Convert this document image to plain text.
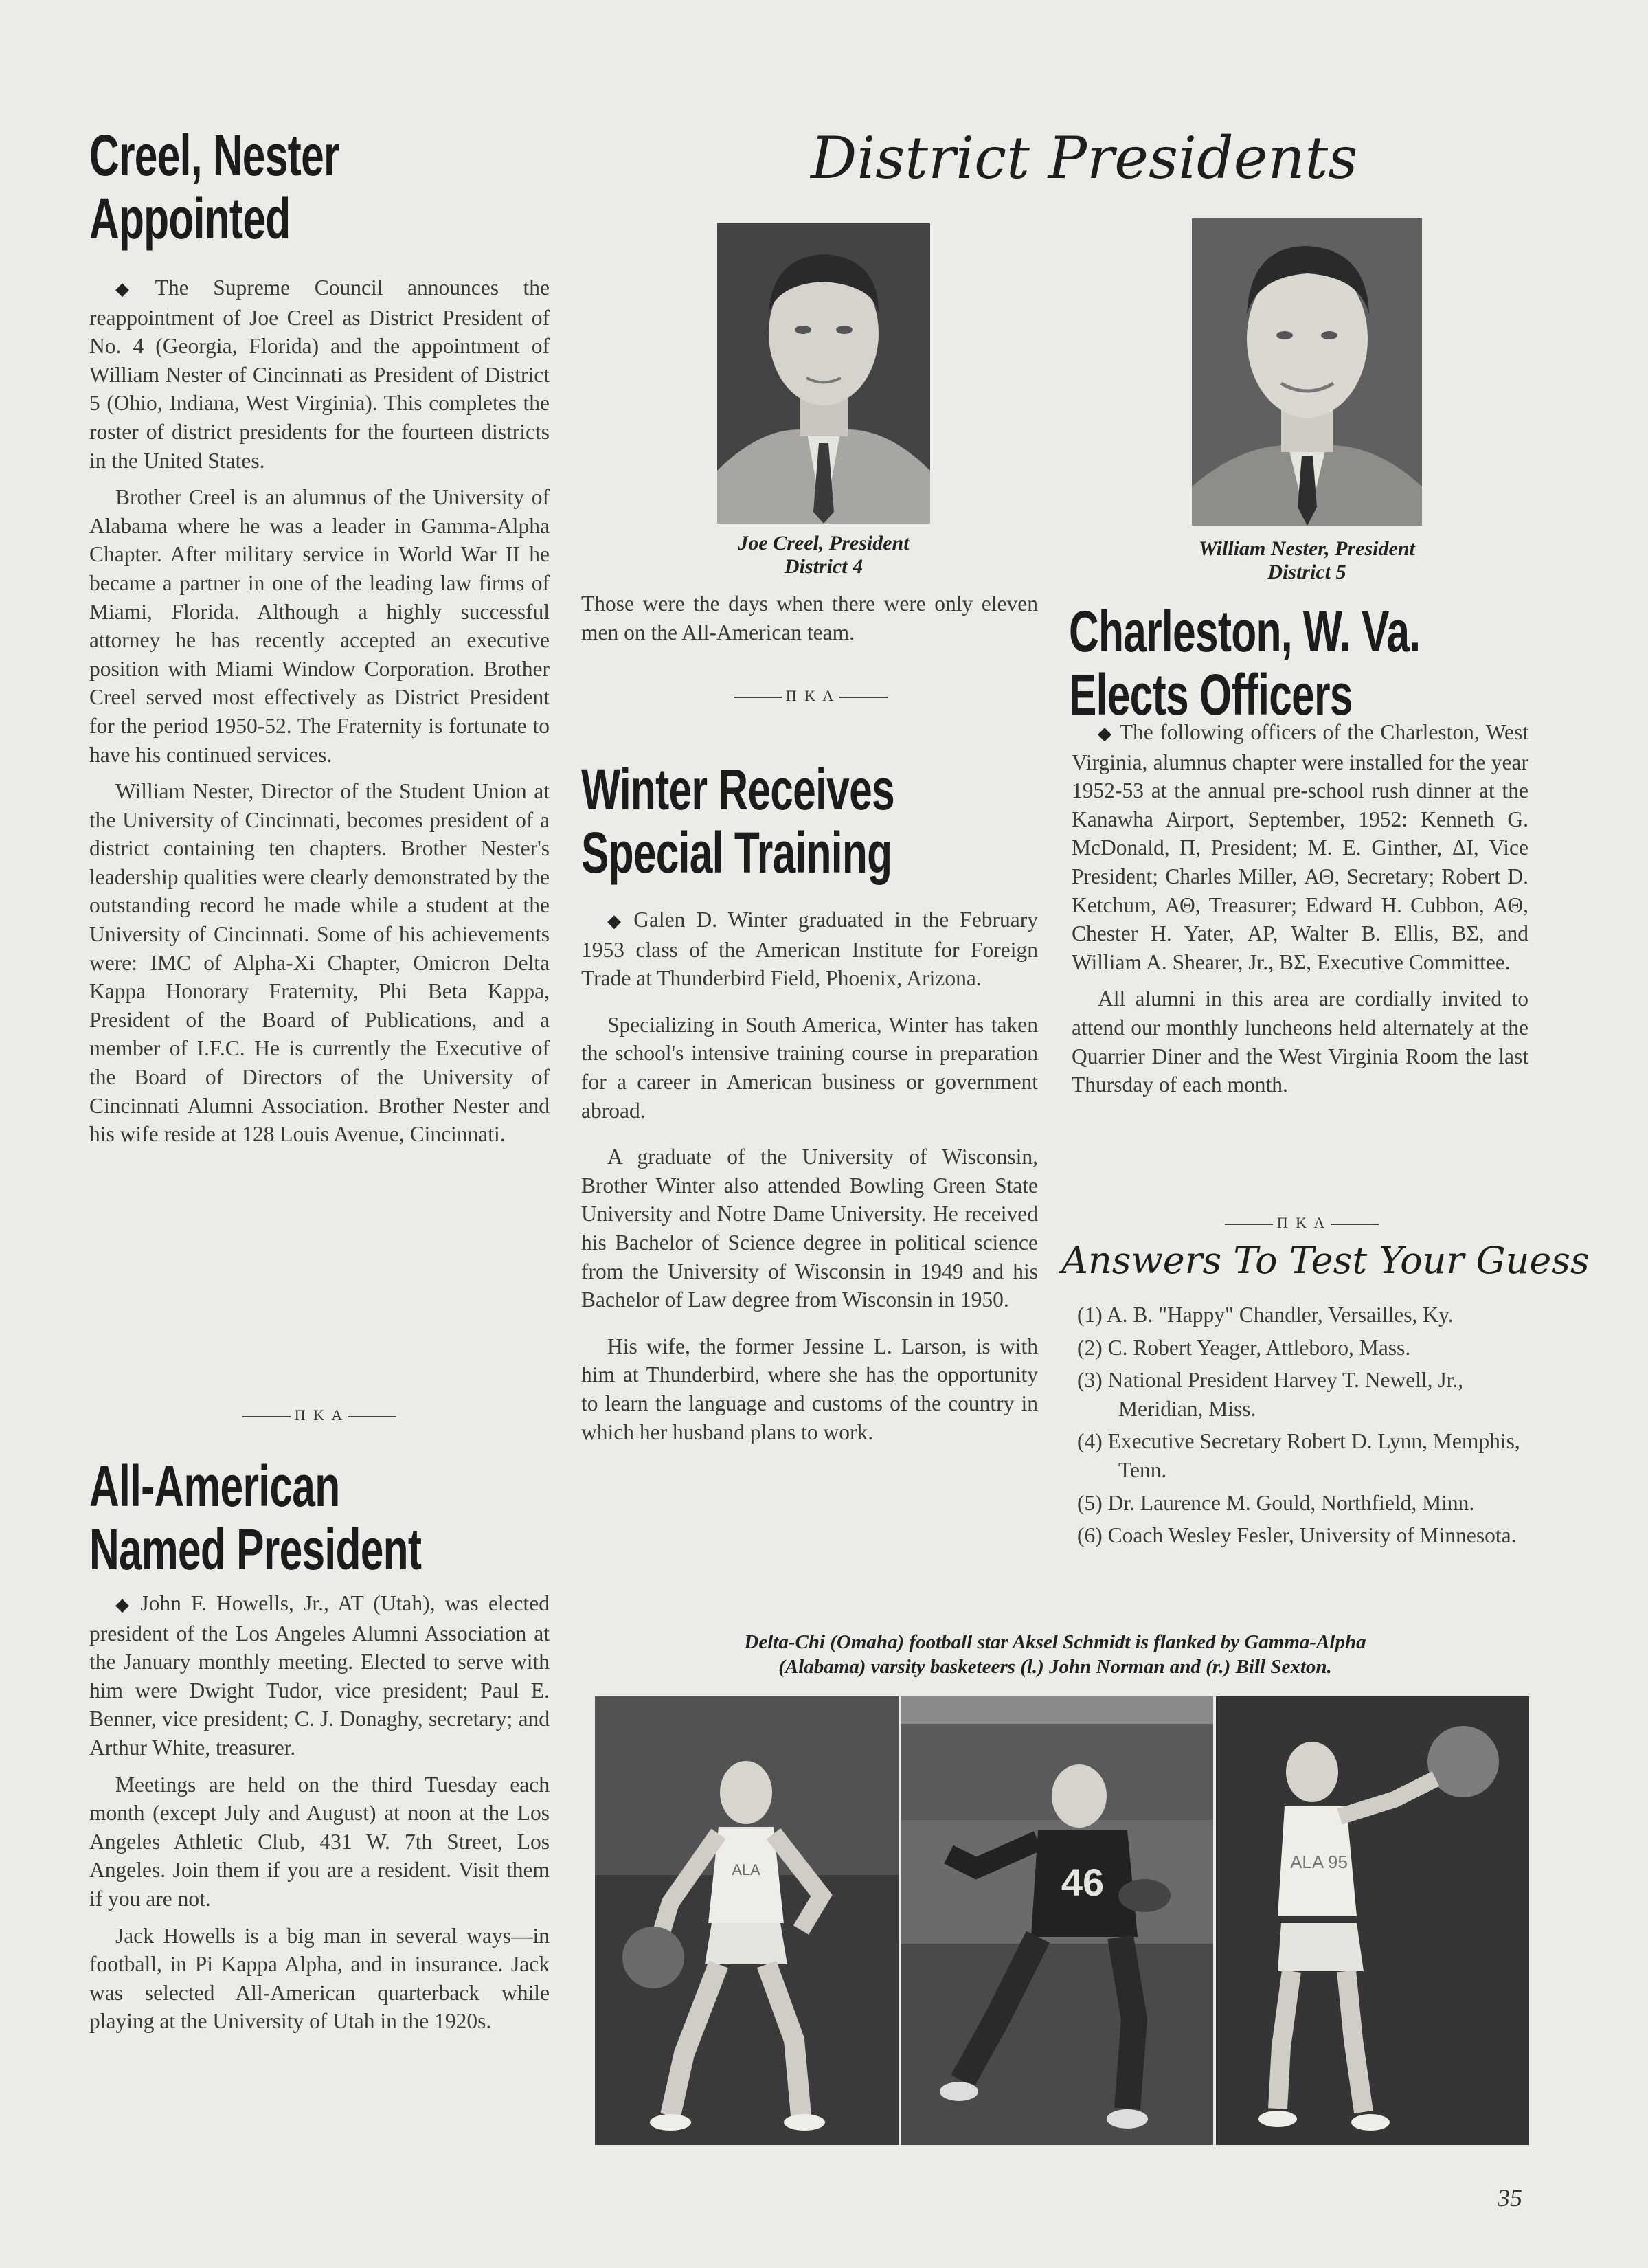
Creel, Nester
Appointed

◆ The Supreme Council announces the reappointment of Joe Creel as District President of No. 4 (Georgia, Florida) and the appointment of William Nester of Cincinnati as President of District 5 (Ohio, Indiana, West Virginia). This completes the roster of district presidents for the fourteen districts in the United States.

Brother Creel is an alumnus of the University of Alabama where he was a leader in Gamma-Alpha Chapter. After military service in World War II he became a partner in one of the leading law firms of Miami, Florida. Although a highly successful attorney he has recently accepted an executive position with Miami Window Corporation. Brother Creel served most effectively as District President for the period 1950-52. The Fraternity is fortunate to have his continued services.

William Nester, Director of the Student Union at the University of Cincinnati, becomes president of a district containing ten chapters. Brother Nester's leadership qualities were clearly demonstrated by the outstanding record he made while a student at the University of Cincinnati. Some of his achievements were: IMC of Alpha-Xi Chapter, Omicron Delta Kappa Honorary Fraternity, Phi Beta Kappa, President of the Board of Publications, and a member of I.F.C. He is currently the Executive of the Board of Directors of the University of Cincinnati Alumni Association. Brother Nester and his wife reside at 128 Louis Avenue, Cincinnati.

Π K A
All-American
Named President

◆ John F. Howells, Jr., AT (Utah), was elected president of the Los Angeles Alumni Association at the January monthly meeting. Elected to serve with him were Dwight Tudor, vice president; Paul E. Benner, vice president; C. J. Donaghy, secretary; and Arthur White, treasurer.

Meetings are held on the third Tuesday each month (except July and August) at noon at the Los Angeles Athletic Club, 431 W. 7th Street, Los Angeles. Join them if you are a resident. Visit them if you are not.

Jack Howells is a big man in several ways—in football, in Pi Kappa Alpha, and in insurance. Jack was selected All-American quarterback while playing at the University of Utah in the 1920s.

District Presidents
Joe Creel, President
District 4
William Nester, President
District 5

Those were the days when there were only eleven men on the All-American team.

Π K A
Winter Receives
Special Training

◆ Galen D. Winter graduated in the February 1953 class of the American Institute for Foreign Trade at Thunderbird Field, Phoenix, Arizona.

Specializing in South America, Winter has taken the school's intensive training course in preparation for a career in American business or government abroad.

A graduate of the University of Wisconsin, Brother Winter also attended Bowling Green State University and Notre Dame University. He received his Bachelor of Science degree in political science from the University of Wisconsin in 1949 and his Bachelor of Law degree from Wisconsin in 1950.

His wife, the former Jessine L. Larson, is with him at Thunderbird, where she has the opportunity to learn the language and customs of the country in which her husband plans to work.

Charleston, W. Va.
Elects Officers

◆ The following officers of the Charleston, West Virginia, alumnus chapter were installed for the year 1952-53 at the annual pre-school rush dinner at the Kanawha Airport, September, 1952: Kenneth G. McDonald, Π, President; M. E. Ginther, ΔΙ, Vice President; Charles Miller, ΑΘ, Secretary; Robert D. Ketchum, ΑΘ, Treasurer; Edward H. Cubbon, ΑΘ, Chester H. Yater, ΑΡ, Walter B. Ellis, ΒΣ, and William A. Shearer, Jr., ΒΣ, Executive Committee.

All alumni in this area are cordially invited to attend our monthly luncheons held alternately at the Quarrier Diner and the West Virginia Room the last Thursday of each month.

Π K A
Answers To Test Your Guess
(1) A. B. "Happy" Chandler, Versailles, Ky.
(2) C. Robert Yeager, Attleboro, Mass.
(3) National President Harvey T. Newell, Jr., Meridian, Miss.
(4) Executive Secretary Robert D. Lynn, Memphis, Tenn.
(5) Dr. Laurence M. Gould, Northfield, Minn.
(6) Coach Wesley Fesler, University of Minnesota.
Delta-Chi (Omaha) football star Aksel Schmidt is flanked by Gamma-Alpha
(Alabama) varsity basketeers (l.) John Norman and (r.) Bill Sexton.
ALA	46	ALA 95
35
